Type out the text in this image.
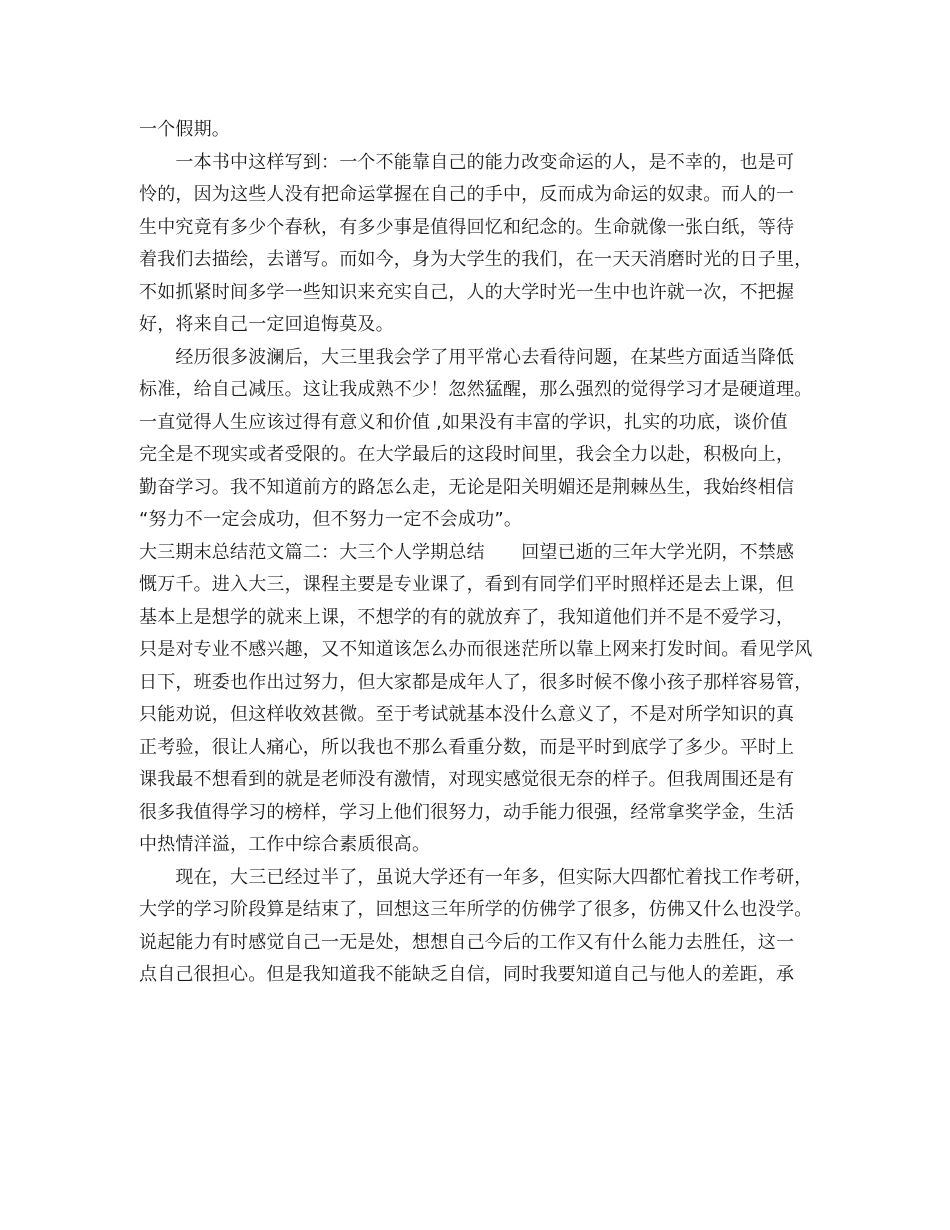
一个假期。
　　一本书中这样写到：一个不能靠自己的能力改变命运的人，是不幸的，也是可
怜的，因为这些人没有把命运掌握在自己的手中，反而成为命运的奴隶。而人的一
生中究竟有多少个春秋，有多少事是值得回忆和纪念的。生命就像一张白纸，等待
着我们去描绘，去谱写。而如今，身为大学生的我们，在一天天消磨时光的日子里，
不如抓紧时间多学一些知识来充实自己，人的大学时光一生中也许就一次，不把握
好，将来自己一定回追悔莫及。
　　经历很多波澜后，大三里我会学了用平常心去看待问题，在某些方面适当降低
标准，给自己减压。这让我成熟不少！忽然猛醒，那么强烈的觉得学习才是硬道理。
一直觉得人生应该过得有意义和价值 ,如果没有丰富的学识，扎实的功底，谈价值
完全是不现实或者受限的。在大学最后的这段时间里，我会全力以赴，积极向上，
勤奋学习。我不知道前方的路怎么走，无论是阳关明媚还是荆棘丛生，我始终相信
“努力不一定会成功，但不努力一定不会成功”。
大三期末总结范文篇二：大三个人学期总结　　回望已逝的三年大学光阴，不禁感
慨万千。进入大三，课程主要是专业课了，看到有同学们平时照样还是去上课，但
基本上是想学的就来上课，不想学的有的就放弃了，我知道他们并不是不爱学习，
只是对专业不感兴趣，又不知道该怎么办而很迷茫所以靠上网来打发时间。看见学风
日下，班委也作出过努力，但大家都是成年人了，很多时候不像小孩子那样容易管，
只能劝说，但这样收效甚微。至于考试就基本没什么意义了，不是对所学知识的真
正考验，很让人痛心，所以我也不那么看重分数，而是平时到底学了多少。平时上
课我最不想看到的就是老师没有激情，对现实感觉很无奈的样子。但我周围还是有
很多我值得学习的榜样，学习上他们很努力，动手能力很强，经常拿奖学金，生活
中热情洋溢，工作中综合素质很高。
　　现在，大三已经过半了，虽说大学还有一年多，但实际大四都忙着找工作考研，
大学的学习阶段算是结束了，回想这三年所学的仿佛学了很多，仿佛又什么也没学。
说起能力有时感觉自己一无是处，想想自己今后的工作又有什么能力去胜任，这一
点自己很担心。但是我知道我不能缺乏自信，同时我要知道自己与他人的差距，承
